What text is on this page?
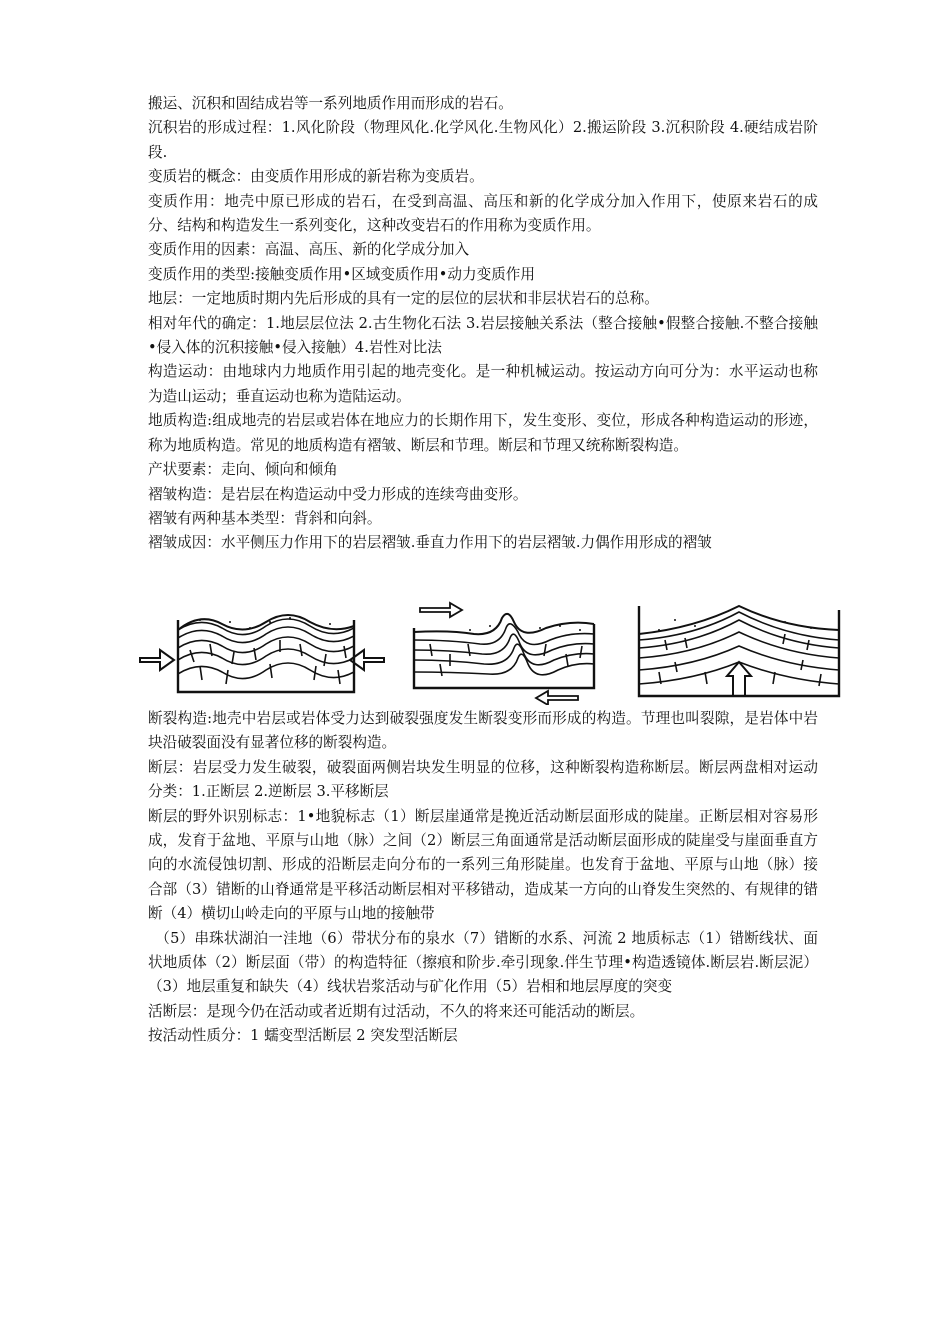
搬运、沉积和固结成岩等一系列地质作用而形成的岩石。

沉积岩的形成过程：1.风化阶段（物理风化.化学风化.生物风化）2.搬运阶段 3.沉积阶段 4.硬结成岩阶段.

变质岩的概念：由变质作用形成的新岩称为变质岩。

变质作用：地壳中原已形成的岩石，在受到高温、高压和新的化学成分加入作用下，使原来岩石的成分、结构和构造发生一系列变化，这种改变岩石的作用称为变质作用。

变质作用的因素：高温、高压、新的化学成分加入

变质作用的类型:接触变质作用•区域变质作用•动力变质作用

地层：一定地质时期内先后形成的具有一定的层位的层状和非层状岩石的总称。

相对年代的确定：1.地层层位法 2.古生物化石法 3.岩层接触关系法（整合接触•假整合接触.不整合接触•侵入体的沉积接触•侵入接触）4.岩性对比法

构造运动：由地球内力地质作用引起的地壳变化。是一种机械运动。按运动方向可分为：水平运动也称为造山运动；垂直运动也称为造陆运动。

地质构造:组成地壳的岩层或岩体在地应力的长期作用下，发生变形、变位，形成各种构造运动的形迹，称为地质构造。常见的地质构造有褶皱、断层和节理。断层和节理又统称断裂构造。

产状要素：走向、倾向和倾角

褶皱构造：是岩层在构造运动中受力形成的连续弯曲变形。

褶皱有两种基本类型：背斜和向斜。

褶皱成因：水平侧压力作用下的岩层褶皱.垂直力作用下的岩层褶皱.力偶作用形成的褶皱

断裂构造:地壳中岩层或岩体受力达到破裂强度发生断裂变形而形成的构造。节理也叫裂隙，是岩体中岩块沿破裂面没有显著位移的断裂构造。

断层：岩层受力发生破裂，破裂面两侧岩块发生明显的位移，这种断裂构造称断层。断层两盘相对运动分类：1.正断层 2.逆断层 3.平移断层

断层的野外识别标志：1•地貌标志（1）断层崖通常是挽近活动断层面形成的陡崖。正断层相对容易形成，发育于盆地、平原与山地（脉）之间（2）断层三角面通常是活动断层面形成的陡崖受与崖面垂直方向的水流侵蚀切割、形成的沿断层走向分布的一系列三角形陡崖。也发育于盆地、平原与山地（脉）接合部（3）错断的山脊通常是平移活动断层相对平移错动，造成某一方向的山脊发生突然的、有规律的错断（4）横切山岭走向的平原与山地的接触带

（5）串珠状湖泊一洼地（6）带状分布的泉水（7）错断的水系、河流 2 地质标志（1）错断线状、面状地质体（2）断层面（带）的构造特征（擦痕和阶步.牵引现象.伴生节理•构造透镜体.断层岩.断层泥）（3）地层重复和缺失（4）线状岩浆活动与矿化作用（5）岩相和地层厚度的突变

活断层：是现今仍在活动或者近期有过活动，不久的将来还可能活动的断层。

按活动性质分：1 蠕变型活断层 2 突发型活断层
